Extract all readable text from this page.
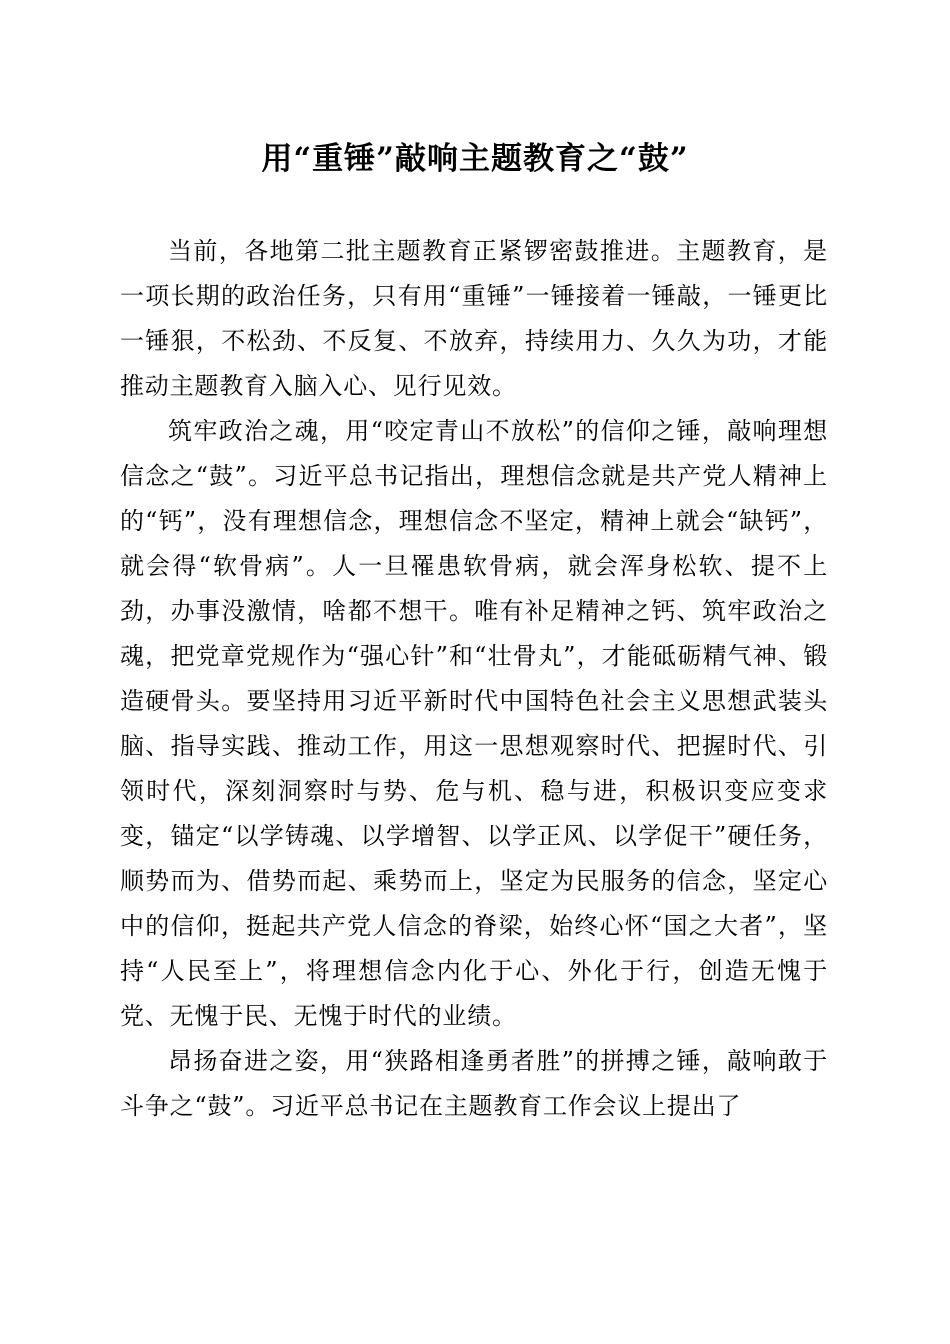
用“重锤”敲响主题教育之“鼓”

当前，各地第二批主题教育正紧锣密鼓推进。主题教育，是一项长期的政治任务，只有用“重锤”一锤接着一锤敲，一锤更比一锤狠，不松劲、不反复、不放弃，持续用力、久久为功，才能推动主题教育入脑入心、见行见效。

筑牢政治之魂，用“咬定青山不放松”的信仰之锤，敲响理想信念之“鼓”。习近平总书记指出，理想信念就是共产党人精神上的“钙”，没有理想信念，理想信念不坚定，精神上就会“缺钙”，就会得“软骨病”。人一旦罹患软骨病，就会浑身松软、提不上劲，办事没激情，啥都不想干。唯有补足精神之钙、筑牢政治之魂，把党章党规作为“强心针”和“壮骨丸”，才能砥砺精气神、锻造硬骨头。要坚持用习近平新时代中国特色社会主义思想武装头脑、指导实践、推动工作，用这一思想观察时代、把握时代、引领时代，深刻洞察时与势、危与机、稳与进，积极识变应变求变，锚定“以学铸魂、以学增智、以学正风、以学促干”硬任务，顺势而为、借势而起、乘势而上，坚定为民服务的信念，坚定心中的信仰，挺起共产党人信念的脊梁，始终心怀“国之大者”，坚持“人民至上”，将理想信念内化于心、外化于行，创造无愧于党、无愧于民、无愧于时代的业绩。

昂扬奋进之姿，用“狭路相逢勇者胜”的拼搏之锤，敲响敢于斗争之“鼓”。习近平总书记在主题教育工作会议上提出了
